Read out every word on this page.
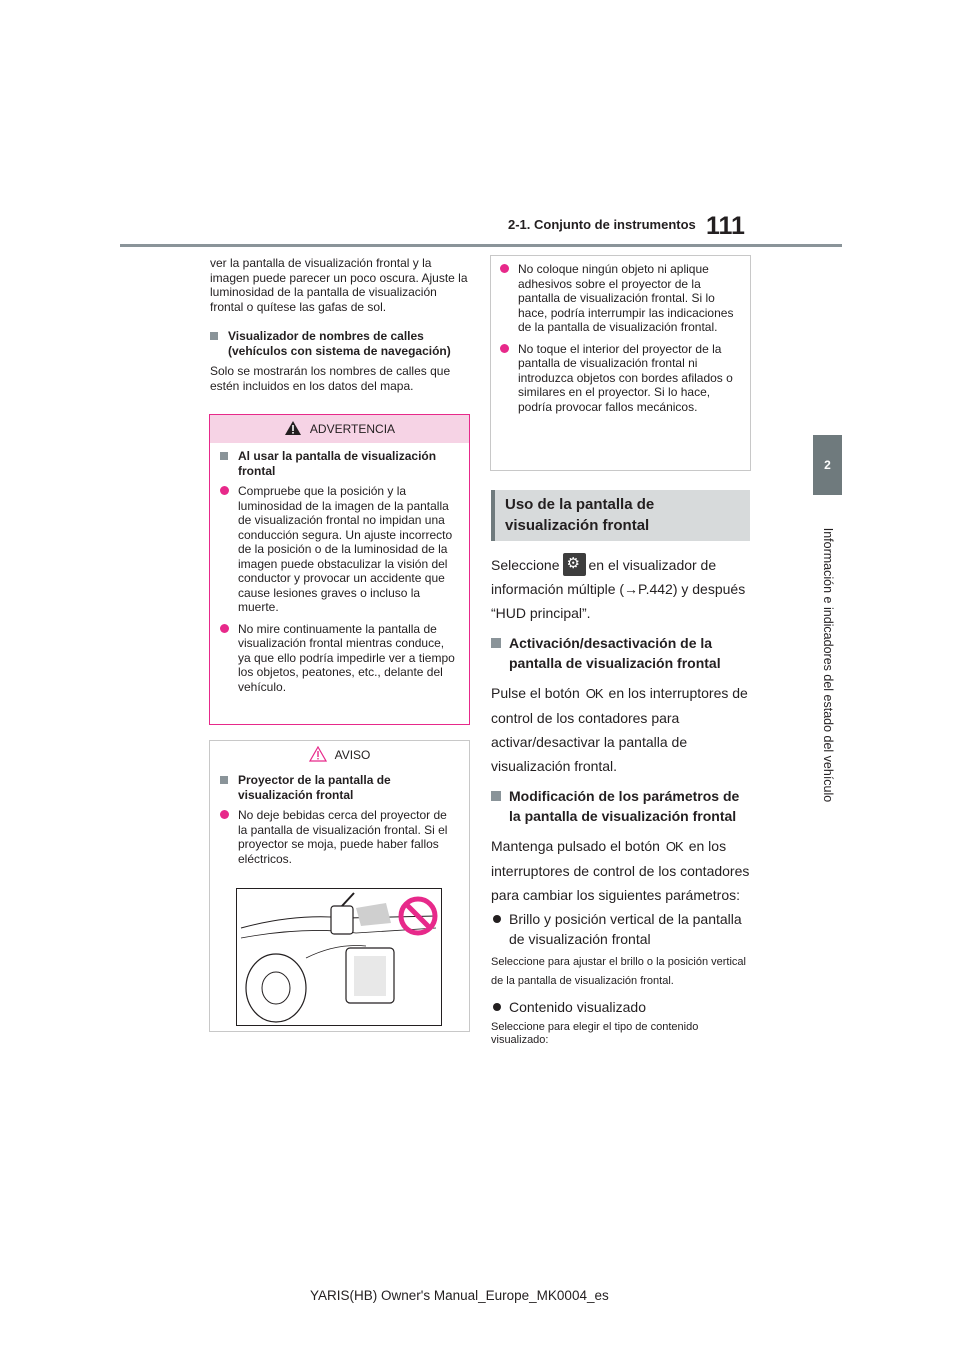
2-1. Conjunto de instrumentos 111
2
Información e indicadores del estado del vehículo
ver la pantalla de visualización frontal y la imagen puede parecer un poco oscura. Ajuste la luminosidad de la pantalla de visualización frontal o quítese las gafas de sol.
Visualizador de nombres de calles (vehículos con sistema de navegación)
Solo se mostrarán los nombres de calles que estén incluidos en los datos del mapa.
ADVERTENCIA
Al usar la pantalla de visualización frontal
Compruebe que la posición y la luminosidad de la imagen de la pantalla de visualización frontal no impidan una conducción segura. Un ajuste incorrecto de la posición o de la luminosidad de la imagen puede obstaculizar la visión del conductor y provocar un accidente que cause lesiones graves o incluso la muerte.
No mire continuamente la pantalla de visualización frontal mientras conduce, ya que ello podría impedirle ver a tiempo los objetos, peatones, etc., delante del vehículo.
AVISO
Proyector de la pantalla de visualización frontal
No deje bebidas cerca del proyector de la pantalla de visualización frontal. Si el proyector se moja, puede haber fallos eléctricos.
No coloque ningún objeto ni aplique adhesivos sobre el proyector de la pantalla de visualización frontal. Si lo hace, podría interrumpir las indicaciones de la pantalla de visualización frontal.
No toque el interior del proyector de la pantalla de visualización frontal ni introduzca objetos con bordes afilados o similares en el proyector. Si lo hace, podría provocar fallos mecánicos.
Uso de la pantalla de visualización frontal
Seleccione⚙ en el visualizador de información múltiple (→P.442) y después “HUD principal”.
Activación/desactivación de la pantalla de visualización frontal
Pulse el botón OK en los interruptores de control de los contadores para activar/desactivar la pantalla de visualización frontal.
Modificación de los parámetros de la pantalla de visualización frontal
Mantenga pulsado el botón OK en los interruptores de control de los contadores para cambiar los siguientes parámetros:
Brillo y posición vertical de la pantalla de visualización frontal
Seleccione para ajustar el brillo o la posición vertical de la pantalla de visualización frontal.
Contenido visualizado
Seleccione para elegir el tipo de contenido visualizado:
YARIS(HB) Owner's Manual_Europe_MK0004_es
